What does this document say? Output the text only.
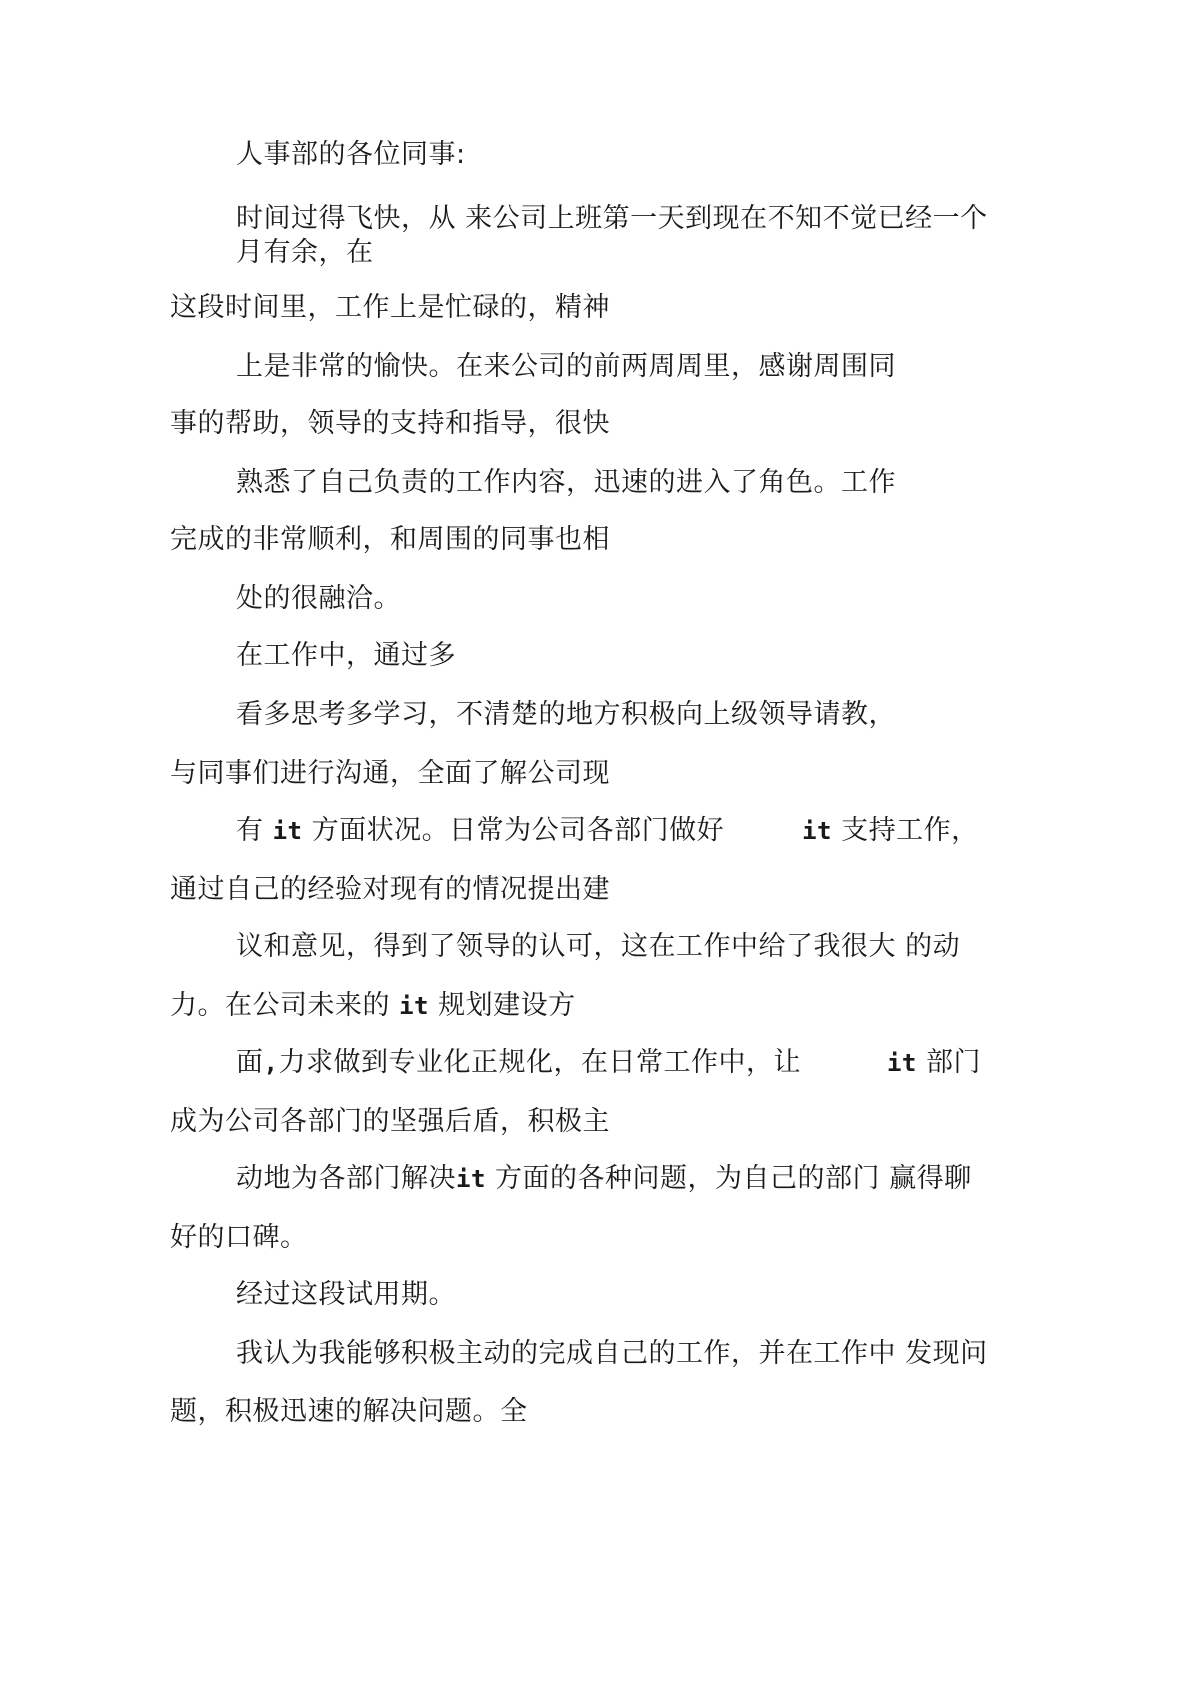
人事部的各位同事:
时间过得飞快，从 来公司上班第一天到现在不知不觉已经一个
月有余，在
这段时间里，工作上是忙碌的，精神
上是非常的愉快。在来公司的前两周周里，感谢周围同
事的帮助，领导的支持和指导，很快
熟悉了自己负责的工作内容，迅速的进入了角色。工作
完成的非常顺利，和周围的同事也相
处的很融洽。
在工作中，通过多
看多思考多学习，不清楚的地方积极向上级领导请教，
与同事们进行沟通，全面了解公司现
有 it 方面状况。日常为公司各部门做好	it 支持工作，
通过自己的经验对现有的情况提出建
议和意见，得到了领导的认可，这在工作中给了我很大 的动
力。在公司未来的 it 规划建设方
面,力求做到专业化正规化，在日常工作中，让	it 部门
成为公司各部门的坚强后盾，积极主
动地为各部门解决it 方面的各种问题，为自己的部门 赢得聊
好的口碑。
经过这段试用期。
我认为我能够积极主动的完成自己的工作，并在工作中 发现问
题，积极迅速的解决问题。全
